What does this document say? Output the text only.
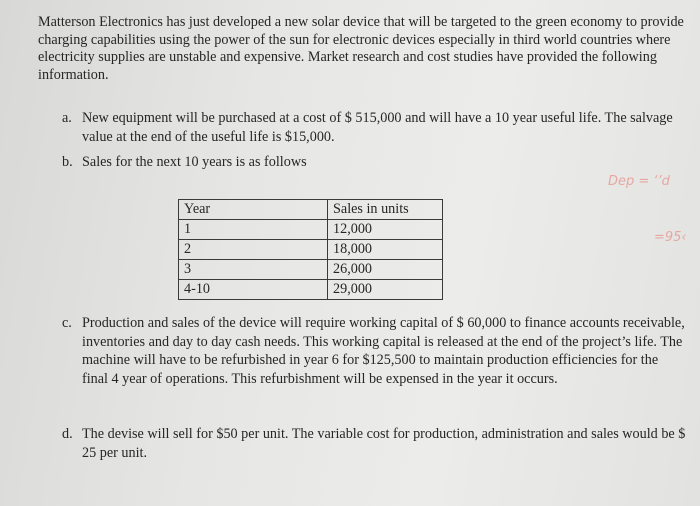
Matterson Electronics has just developed a new solar device that will be targeted to the green economy to provide charging capabilities using the power of the sun for electronic devices especially in third world countries where electricity supplies are unstable and expensive. Market research and cost studies have provided the following information.

a. New equipment will be purchased at a cost of $ 515,000 and will have a 10 year useful life. The salvage value at the end of the useful life is $15,000.
b. Sales for the next 10 years is as follows
Year	Sales in units
1	12,000
2	18,000
3	26,000
4-10	29,000
c. Production and sales of the device will require working capital of $ 60,000 to finance accounts receivable, inventories and day to day cash needs. This working capital is released at the end of the project’s life. The machine will have to be refurbished in year 6 for $125,500 to maintain production efficiencies for the final 4 year of operations. This refurbishment will be expensed in the year it occurs.
d. The devise will sell for $50 per unit. The variable cost for production, administration and sales would be $ 25 per unit.
Dep = ‘’d
=95‹
